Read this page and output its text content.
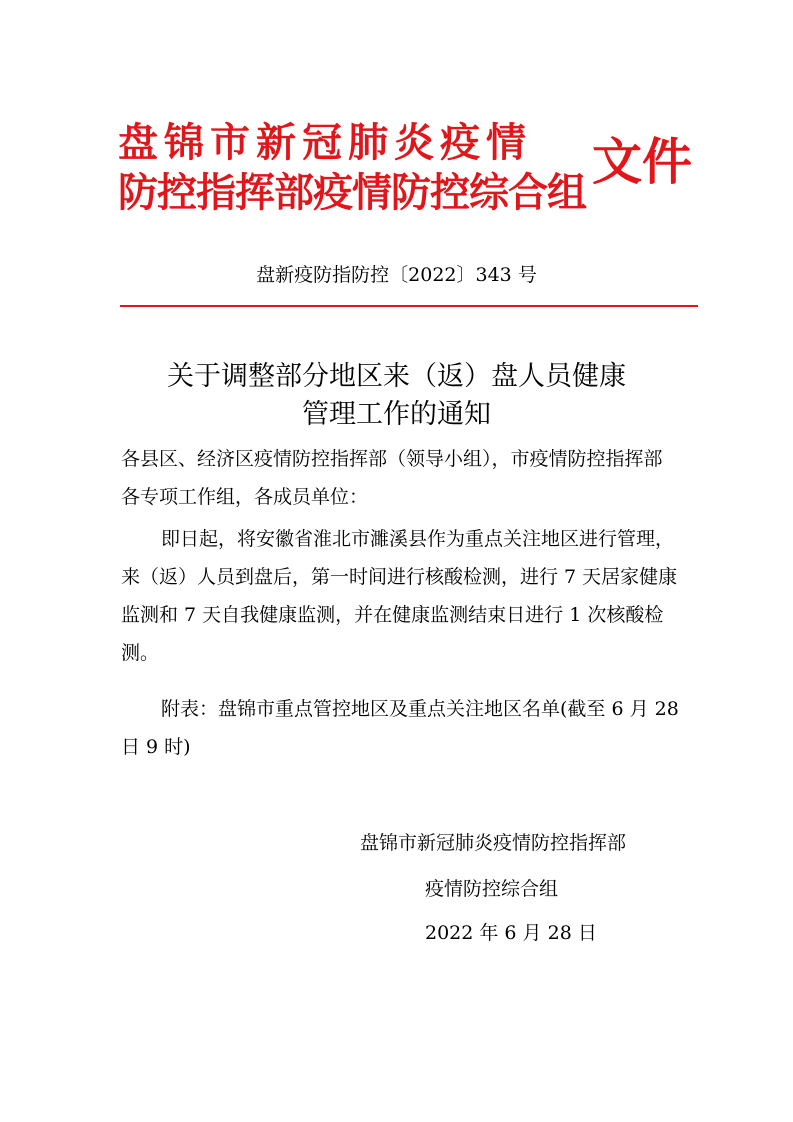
盘锦市新冠肺炎疫情
防控指挥部疫情防控综合组
文件
盘新疫防指防控〔2022〕343 号
关于调整部分地区来（返）盘人员健康
管理工作的通知
各县区、经济区疫情防控指挥部（领导小组），市疫情防控指挥部各专项工作组，各成员单位：
即日起，将安徽省淮北市濉溪县作为重点关注地区进行管理，来（返）人员到盘后，第一时间进行核酸检测，进行 7 天居家健康监测和 7 天自我健康监测，并在健康监测结束日进行 1 次核酸检测。
附表：盘锦市重点管控地区及重点关注地区名单(截至 6 月 28 日 9 时)
盘锦市新冠肺炎疫情防控指挥部
疫情防控综合组
2022 年 6 月 28 日
